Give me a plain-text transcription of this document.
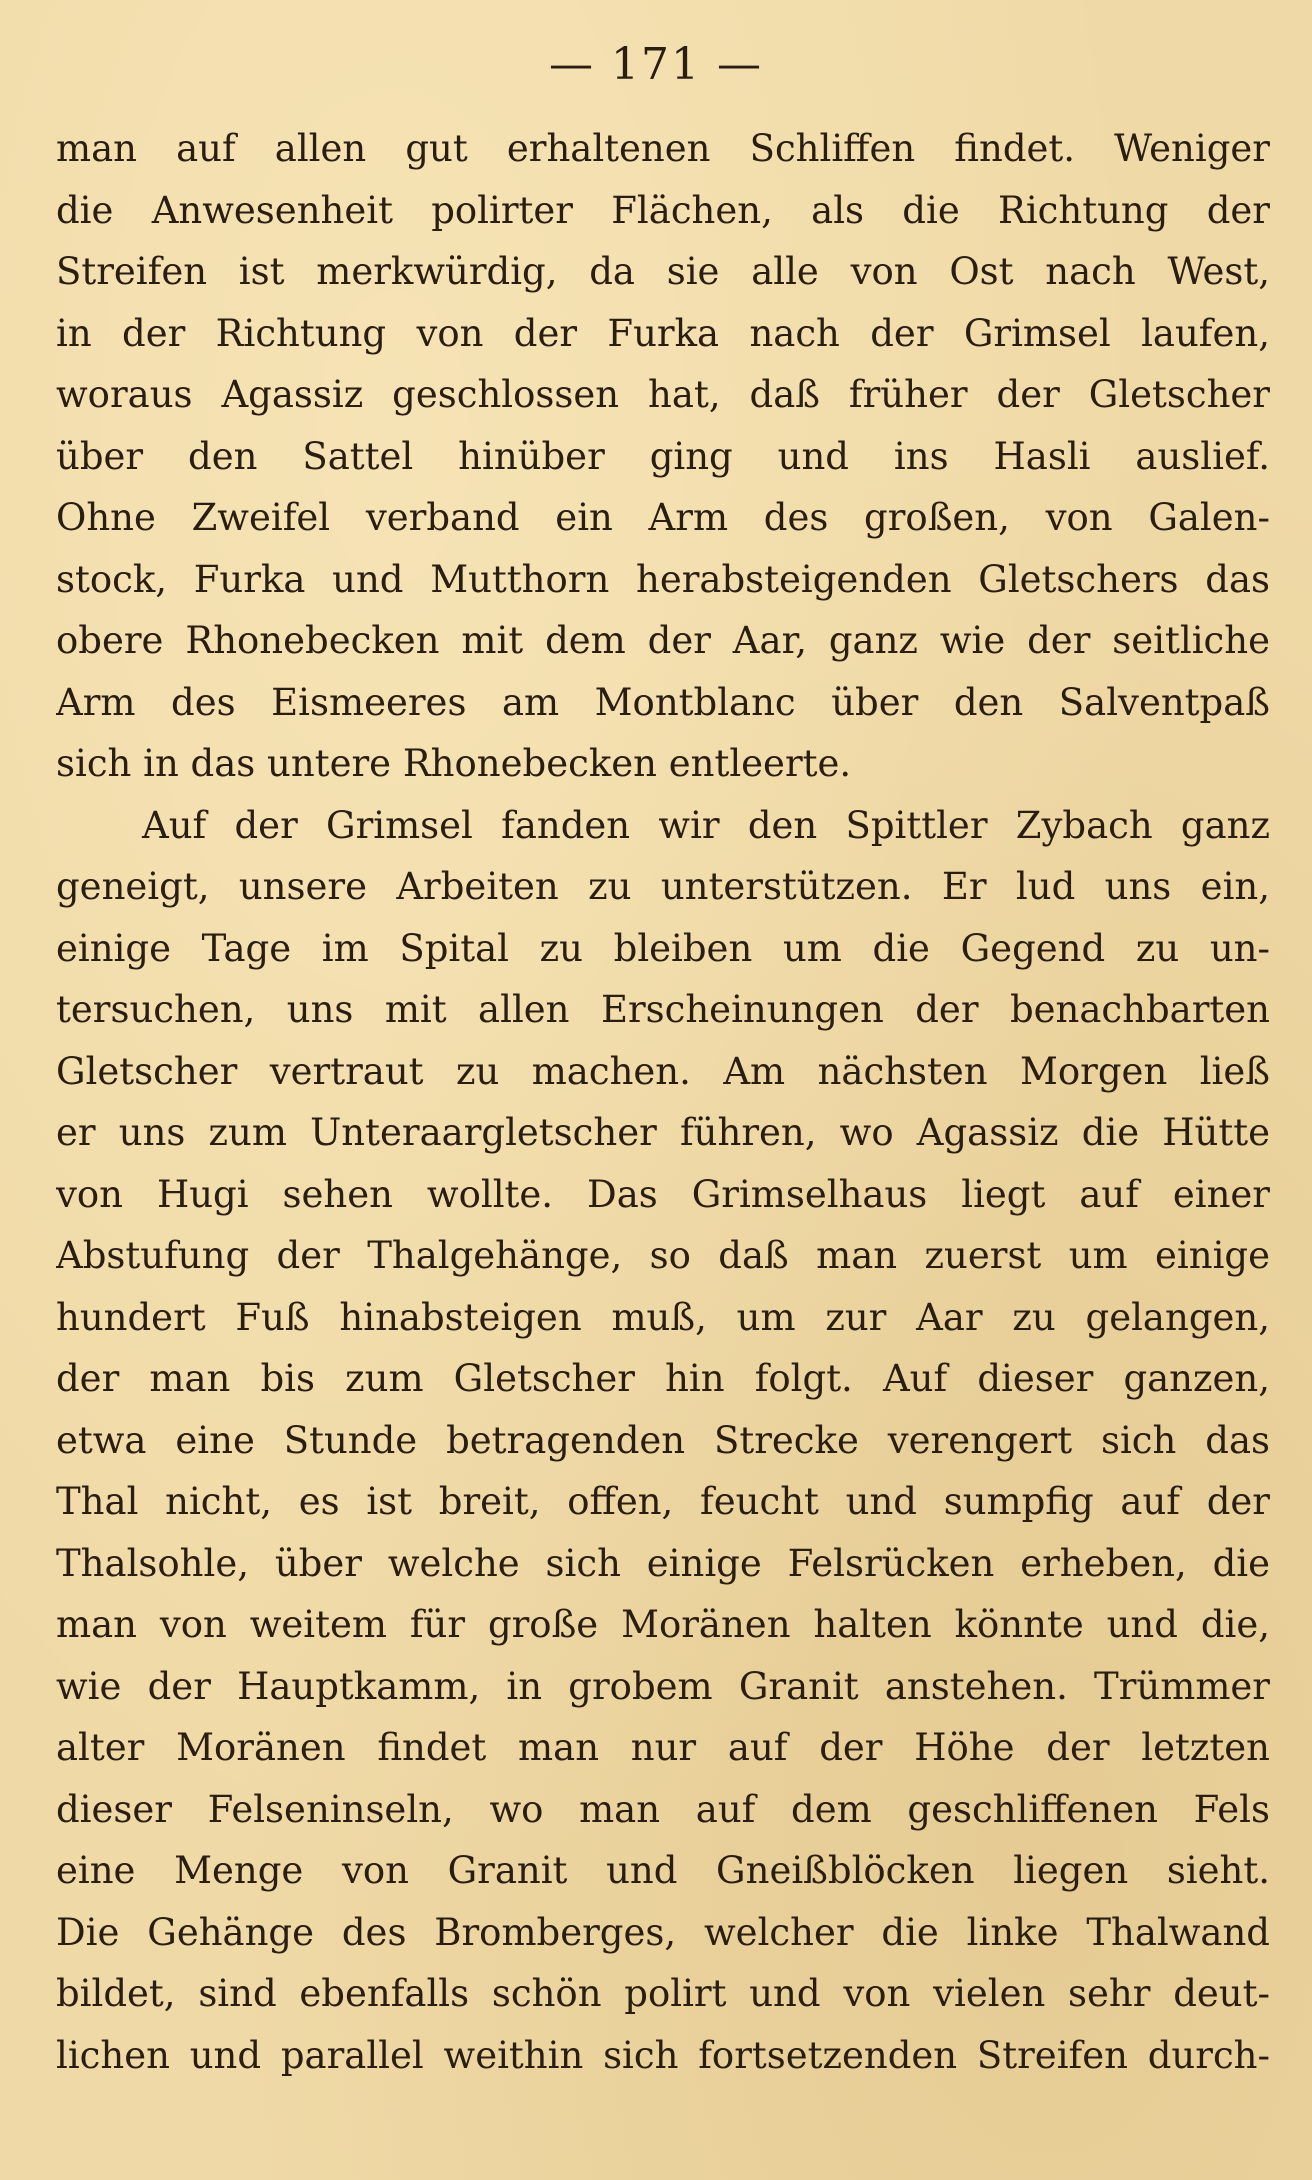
— 171 —
man auf allen gut erhaltenen Schliffen findet. Weniger
die Anwesenheit polirter Flächen, als die Richtung der
Streifen ist merkwürdig, da sie alle von Ost nach West,
in der Richtung von der Furka nach der Grimsel laufen,
woraus Agassiz geschlossen hat, daß früher der Gletscher
über den Sattel hinüber ging und ins Hasli auslief.
Ohne Zweifel verband ein Arm des großen, von Galen-
stock, Furka und Mutthorn herabsteigenden Gletschers das
obere Rhonebecken mit dem der Aar, ganz wie der seitliche
Arm des Eismeeres am Montblanc über den Salventpaß
sich in das untere Rhonebecken entleerte.
Auf der Grimsel fanden wir den Spittler Zybach ganz
geneigt, unsere Arbeiten zu unterstützen. Er lud uns ein,
einige Tage im Spital zu bleiben um die Gegend zu un-
tersuchen, uns mit allen Erscheinungen der benachbarten
Gletscher vertraut zu machen. Am nächsten Morgen ließ
er uns zum Unteraargletscher führen, wo Agassiz die Hütte
von Hugi sehen wollte. Das Grimselhaus liegt auf einer
Abstufung der Thalgehänge, so daß man zuerst um einige
hundert Fuß hinabsteigen muß, um zur Aar zu gelangen,
der man bis zum Gletscher hin folgt. Auf dieser ganzen,
etwa eine Stunde betragenden Strecke verengert sich das
Thal nicht, es ist breit, offen, feucht und sumpfig auf der
Thalsohle, über welche sich einige Felsrücken erheben, die
man von weitem für große Moränen halten könnte und die,
wie der Hauptkamm, in grobem Granit anstehen. Trümmer
alter Moränen findet man nur auf der Höhe der letzten
dieser Felseninseln, wo man auf dem geschliffenen Fels
eine Menge von Granit und Gneißblöcken liegen sieht.
Die Gehänge des Bromberges, welcher die linke Thalwand
bildet, sind ebenfalls schön polirt und von vielen sehr deut-
lichen und parallel weithin sich fortsetzenden Streifen durch-
